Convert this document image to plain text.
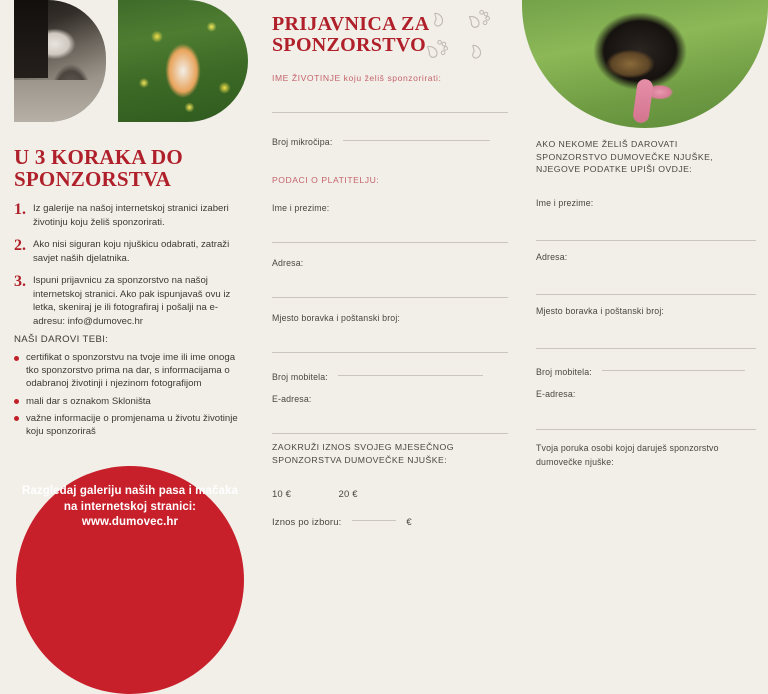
U 3 KORAKA DO SPONZORSTVA
1. Iz galerije na našoj internetskoj stranici izaberi životinju koju želiš sponzorirati.
2. Ako nisi siguran koju njuškicu odabrati, zatraži savjet naših djelatnika.
3. Ispuni prijavnicu za sponzorstvo na našoj internetskoj stranici. Ako pak ispunjavaš ovu iz letka, skeniraj je ili fotografiraj i pošalji na e-adresu: info@dumovec.hr
NAŠI DAROVI TEBI:
certifikat o sponzorstvu na tvoje ime ili ime onoga tko sponzorstvo prima na dar, s informacijama o odabranoj životinji i njezinom fotografijom
mali dar s oznakom Skloništa
važne informacije o promjenama u životu životinje koju sponzoriraš
Razgledaj galeriju naših pasa i mačaka na internetskoj stranici: www.dumovec.hr
PRIJAVNICA ZA SPONZORSTVO
IME ŽIVOTINJE koju želiš sponzorirati:
Broj mikročipa:
PODACI O PLATITELJU:
Ime i prezime:
Adresa:
Mjesto boravka i poštanski broj:
Broj mobitela:
E-adresa:
ZAOKRUŽI IZNOS SVOJEG MJESEČNOG SPONZORSTVA DUMOVEČKE NJUŠKE:
10 €	20 €
Iznos po izboru:	€
AKO NEKOME ŽELIŠ DAROVATI SPONZORSTVO DUMOVEČKE NJUŠKE, NJEGOVE PODATKE UPIŠI OVDJE:
Ime i prezime:
Adresa:
Mjesto boravka i poštanski broj:
Broj mobitela:
E-adresa:
Tvoja poruka osobi kojoj daruješ sponzorstvo dumovečke njuške:
